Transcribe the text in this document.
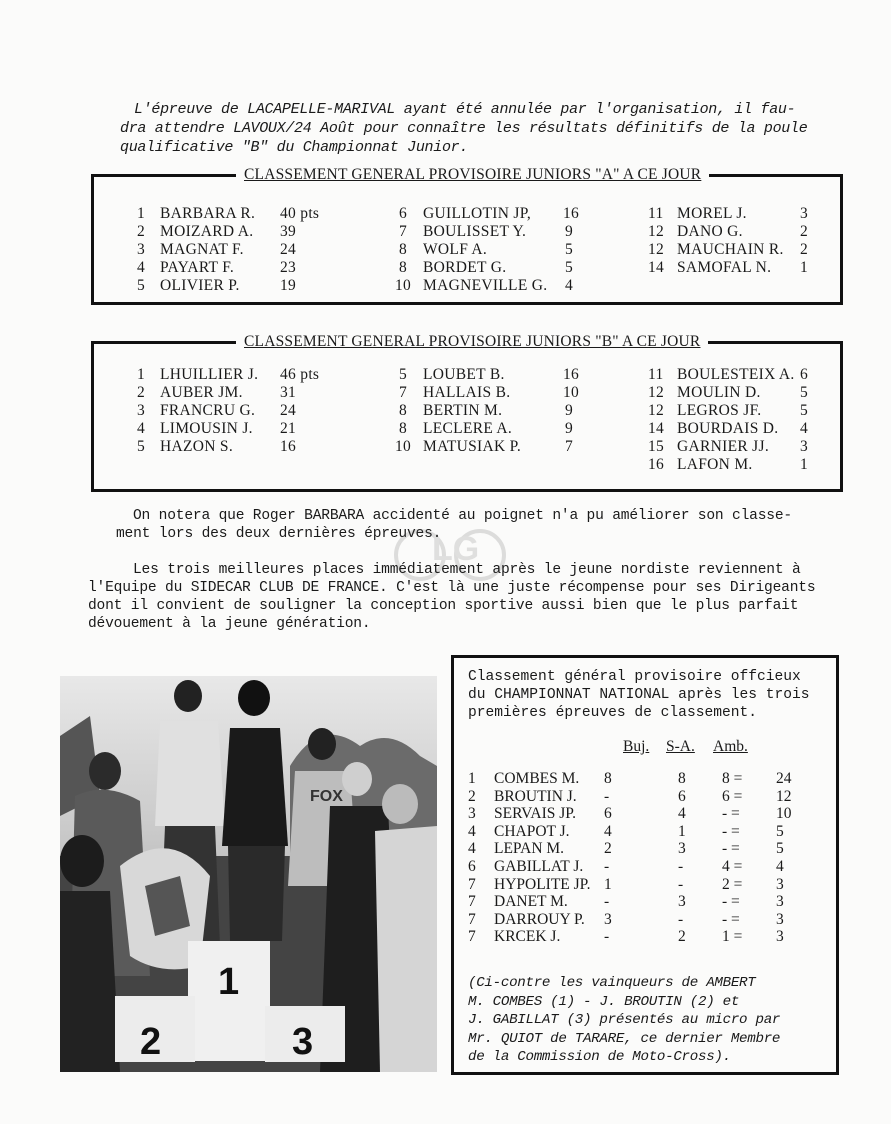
L'épreuve de LACAPELLE-MARIVAL ayant été annulée par l'organisation, il fau-
dra attendre LAVOUX/24 Août pour connaître les résultats définitifs de la poule
qualificative "B" du Championnat Junior.
CLASSEMENT GENERAL PROVISOIRE JUNIORS "A" A CE JOUR
1 BARBARA R. 40 pts
2 MOIZARD A. 39
3 MAGNAT F. 24
4 PAYART F.	23
5 OLIVIER P.	19
6 GUILLOTIN JP, 16
7 BOULISSET Y. 9
8 WOLF A.	5
8 BORDET G.	5
10 MAGNEVILLE G. 4
11 MOREL J.	3
12 DANO G.	2
12 MAUCHAIN R. 2
14 SAMOFAL N. 1
CLASSEMENT GENERAL PROVISOIRE JUNIORS "B" A CE JOUR
1 LHUILLIER J. 46 pts
2 AUBER JM. 31
3 FRANCRU G. 24
4 LIMOUSIN J. 21
5 HAZON S.	16
5 LOUBET B.	16
7 HALLAIS B.	10
8 BERTIN M.	9
8 LECLERE A.	9
10 MATUSIAK P.	7
11 BOULESTEIX A. 6
12 MOULIN D.	5
12 LEGROS JF. 5
14 BOURDAIS D. 4
15 GARNIER JJ. 3
16 LAFON M.	1
On notera que Roger BARBARA accidenté au poignet n'a pu améliorer son classe-
ment lors des deux dernières épreuves.
LG
Les trois meilleures places immédiatement après le jeune nordiste reviennent à
l'Equipe du SIDECAR CLUB DE FRANCE. C'est là une juste récompense pour ses Dirigeants
dont il convient de souligner la conception sportive aussi bien que le plus parfait
dévouement à la jeune génération.
FOX
1
2	3
Classement général provisoire offcieux
du CHAMPIONNAT NATIONAL après les trois
premières épreuves de classement.
Buj. S-A. Amb.
1 COMBES M. 8	8 8 = 24
2 BROUTIN J. -	6 6 = 12
3 SERVAIS JP. 6	4 - = 10
4 CHAPOT J. 4	1 - = 5
4 LEPAN M.	2	3 - = 5
6 GABILLAT J. -	-	4 = 4
7 HYPOLITE JP. 1	-	2 = 3
7 DANET M. -	3 - = 3
7 DARROUY P. 3	-	- = 3
7 KRCEK J.	-	2 1 = 3
(Ci-contre les vainqueurs de AMBERT
M. COMBES (1) - J. BROUTIN (2) et
J. GABILLAT (3) présentés au micro par
Mr. QUIOT de TARARE, ce dernier Membre
de la Commission de Moto-Cross).
